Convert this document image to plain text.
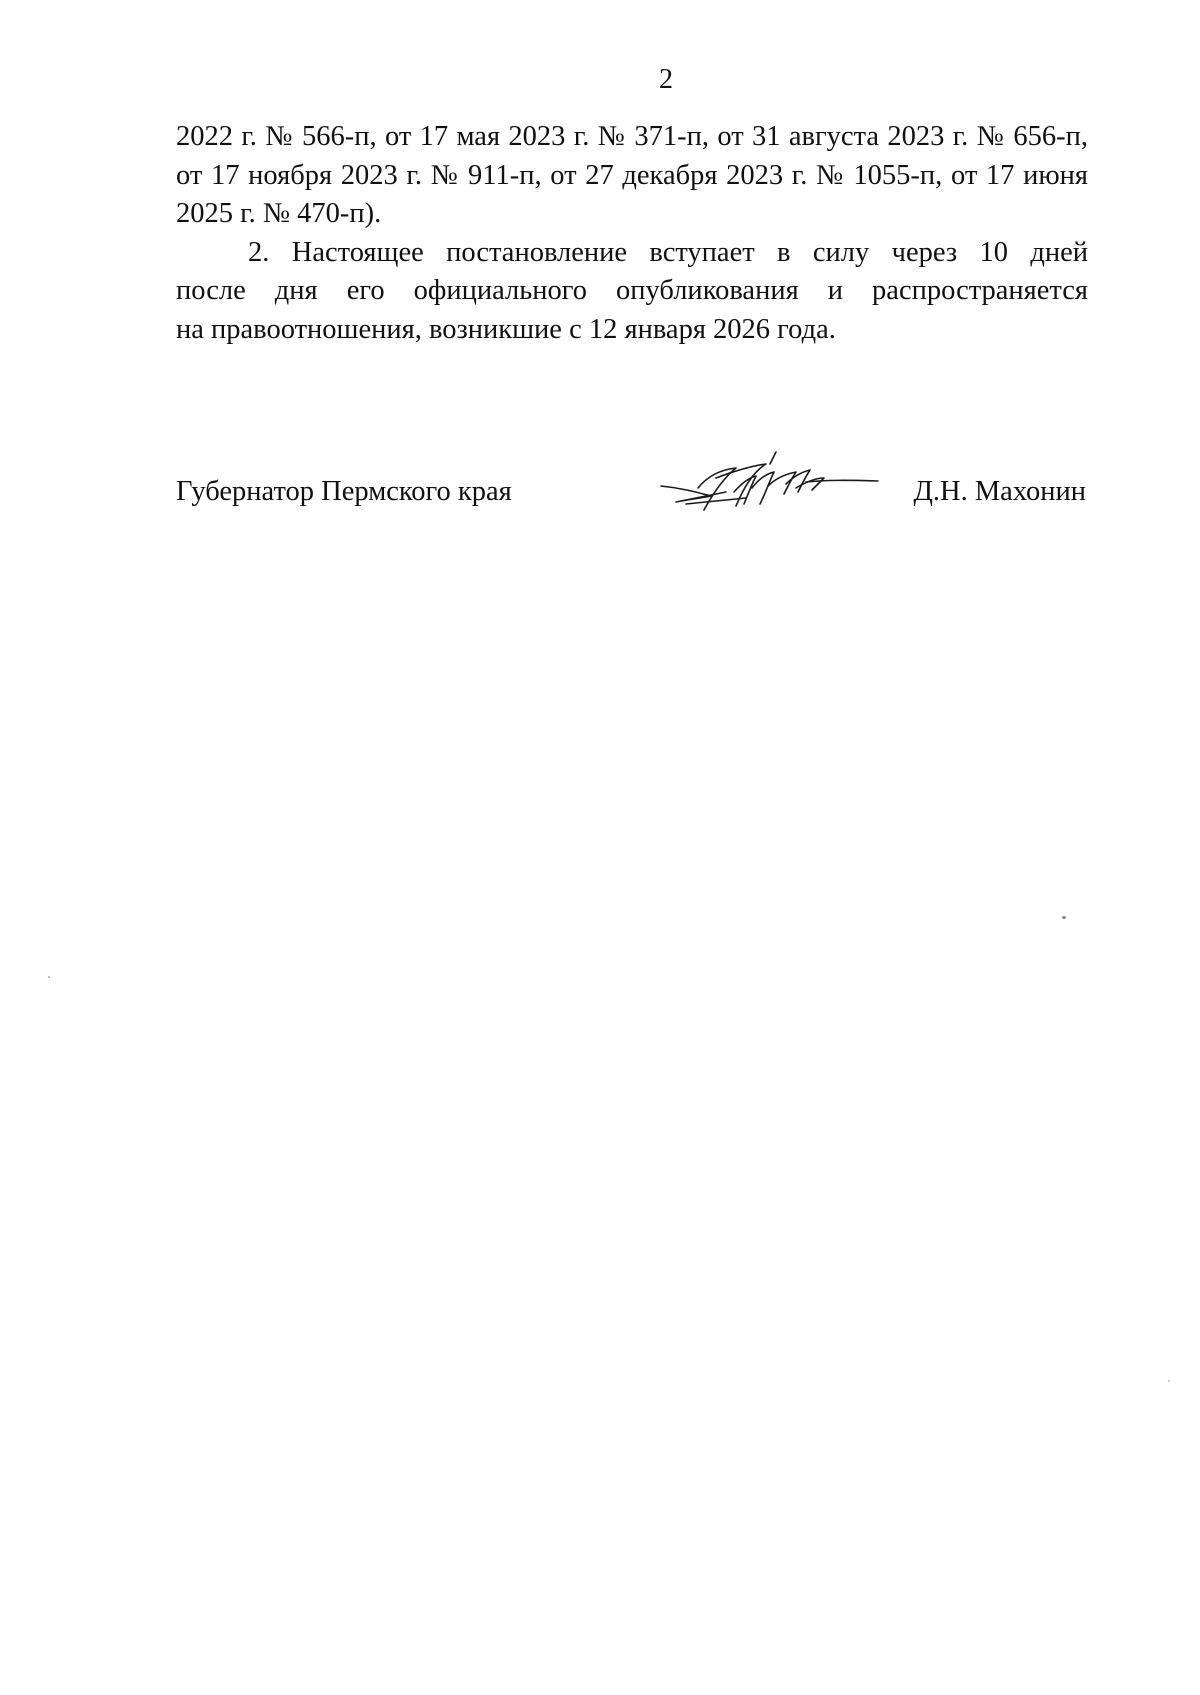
2

2022 г. № 566-п, от 17 мая 2023 г. № 371-п, от 31 августа 2023 г. № 656-п,
от 17 ноября 2023 г. № 911-п, от 27 декабря 2023 г. № 1055-п, от 17 июня
2025 г. № 470-п).

2. Настоящее постановление вступает в силу через 10 дней
после дня его официального опубликования и распространяется
на правоотношения, возникшие с 12 января 2026 года.

Губернатор Пермского края	Д.Н. Махонин
